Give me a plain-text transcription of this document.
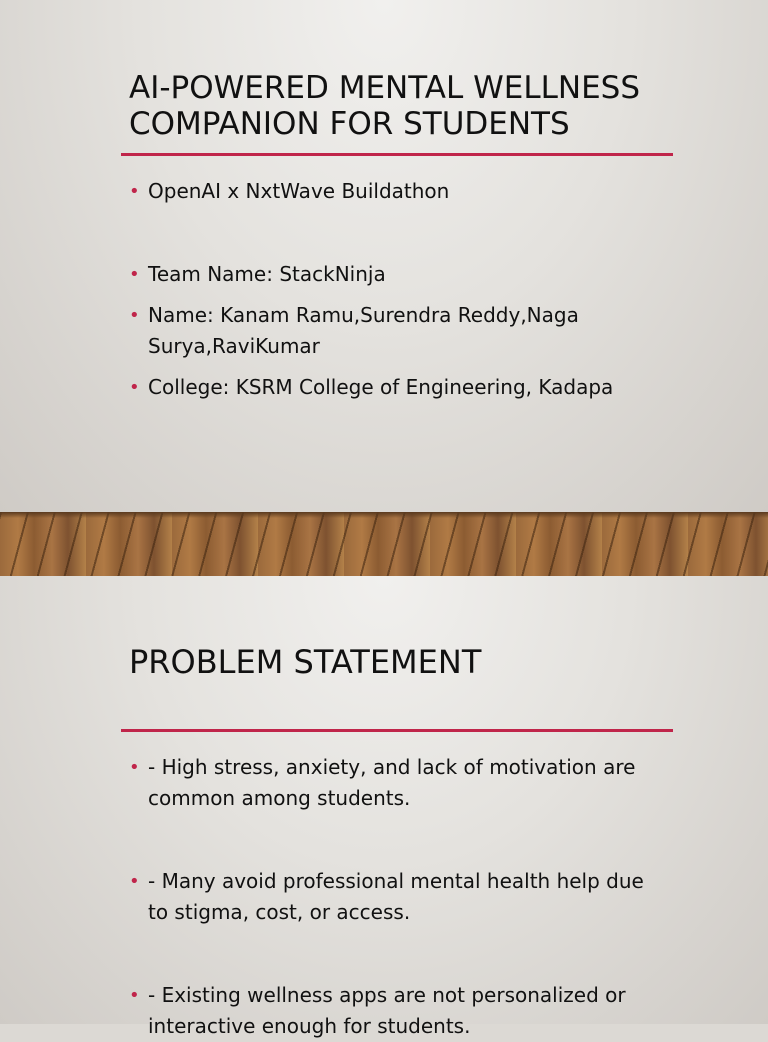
AI-POWERED MENTAL WELLNESS COMPANION FOR STUDENTS
• OpenAI x NxtWave Buildathon
• Team Name: StackNinja
• Name: Kanam Ramu,Surendra Reddy,Naga Surya,RaviKumar
• College: KSRM College of Engineering, Kadapa
PROBLEM STATEMENT
• - High stress, anxiety, and lack of motivation are common among students.
• - Many avoid professional mental health help due to stigma, cost, or access.
• - Existing wellness apps are not personalized or interactive enough for students.
